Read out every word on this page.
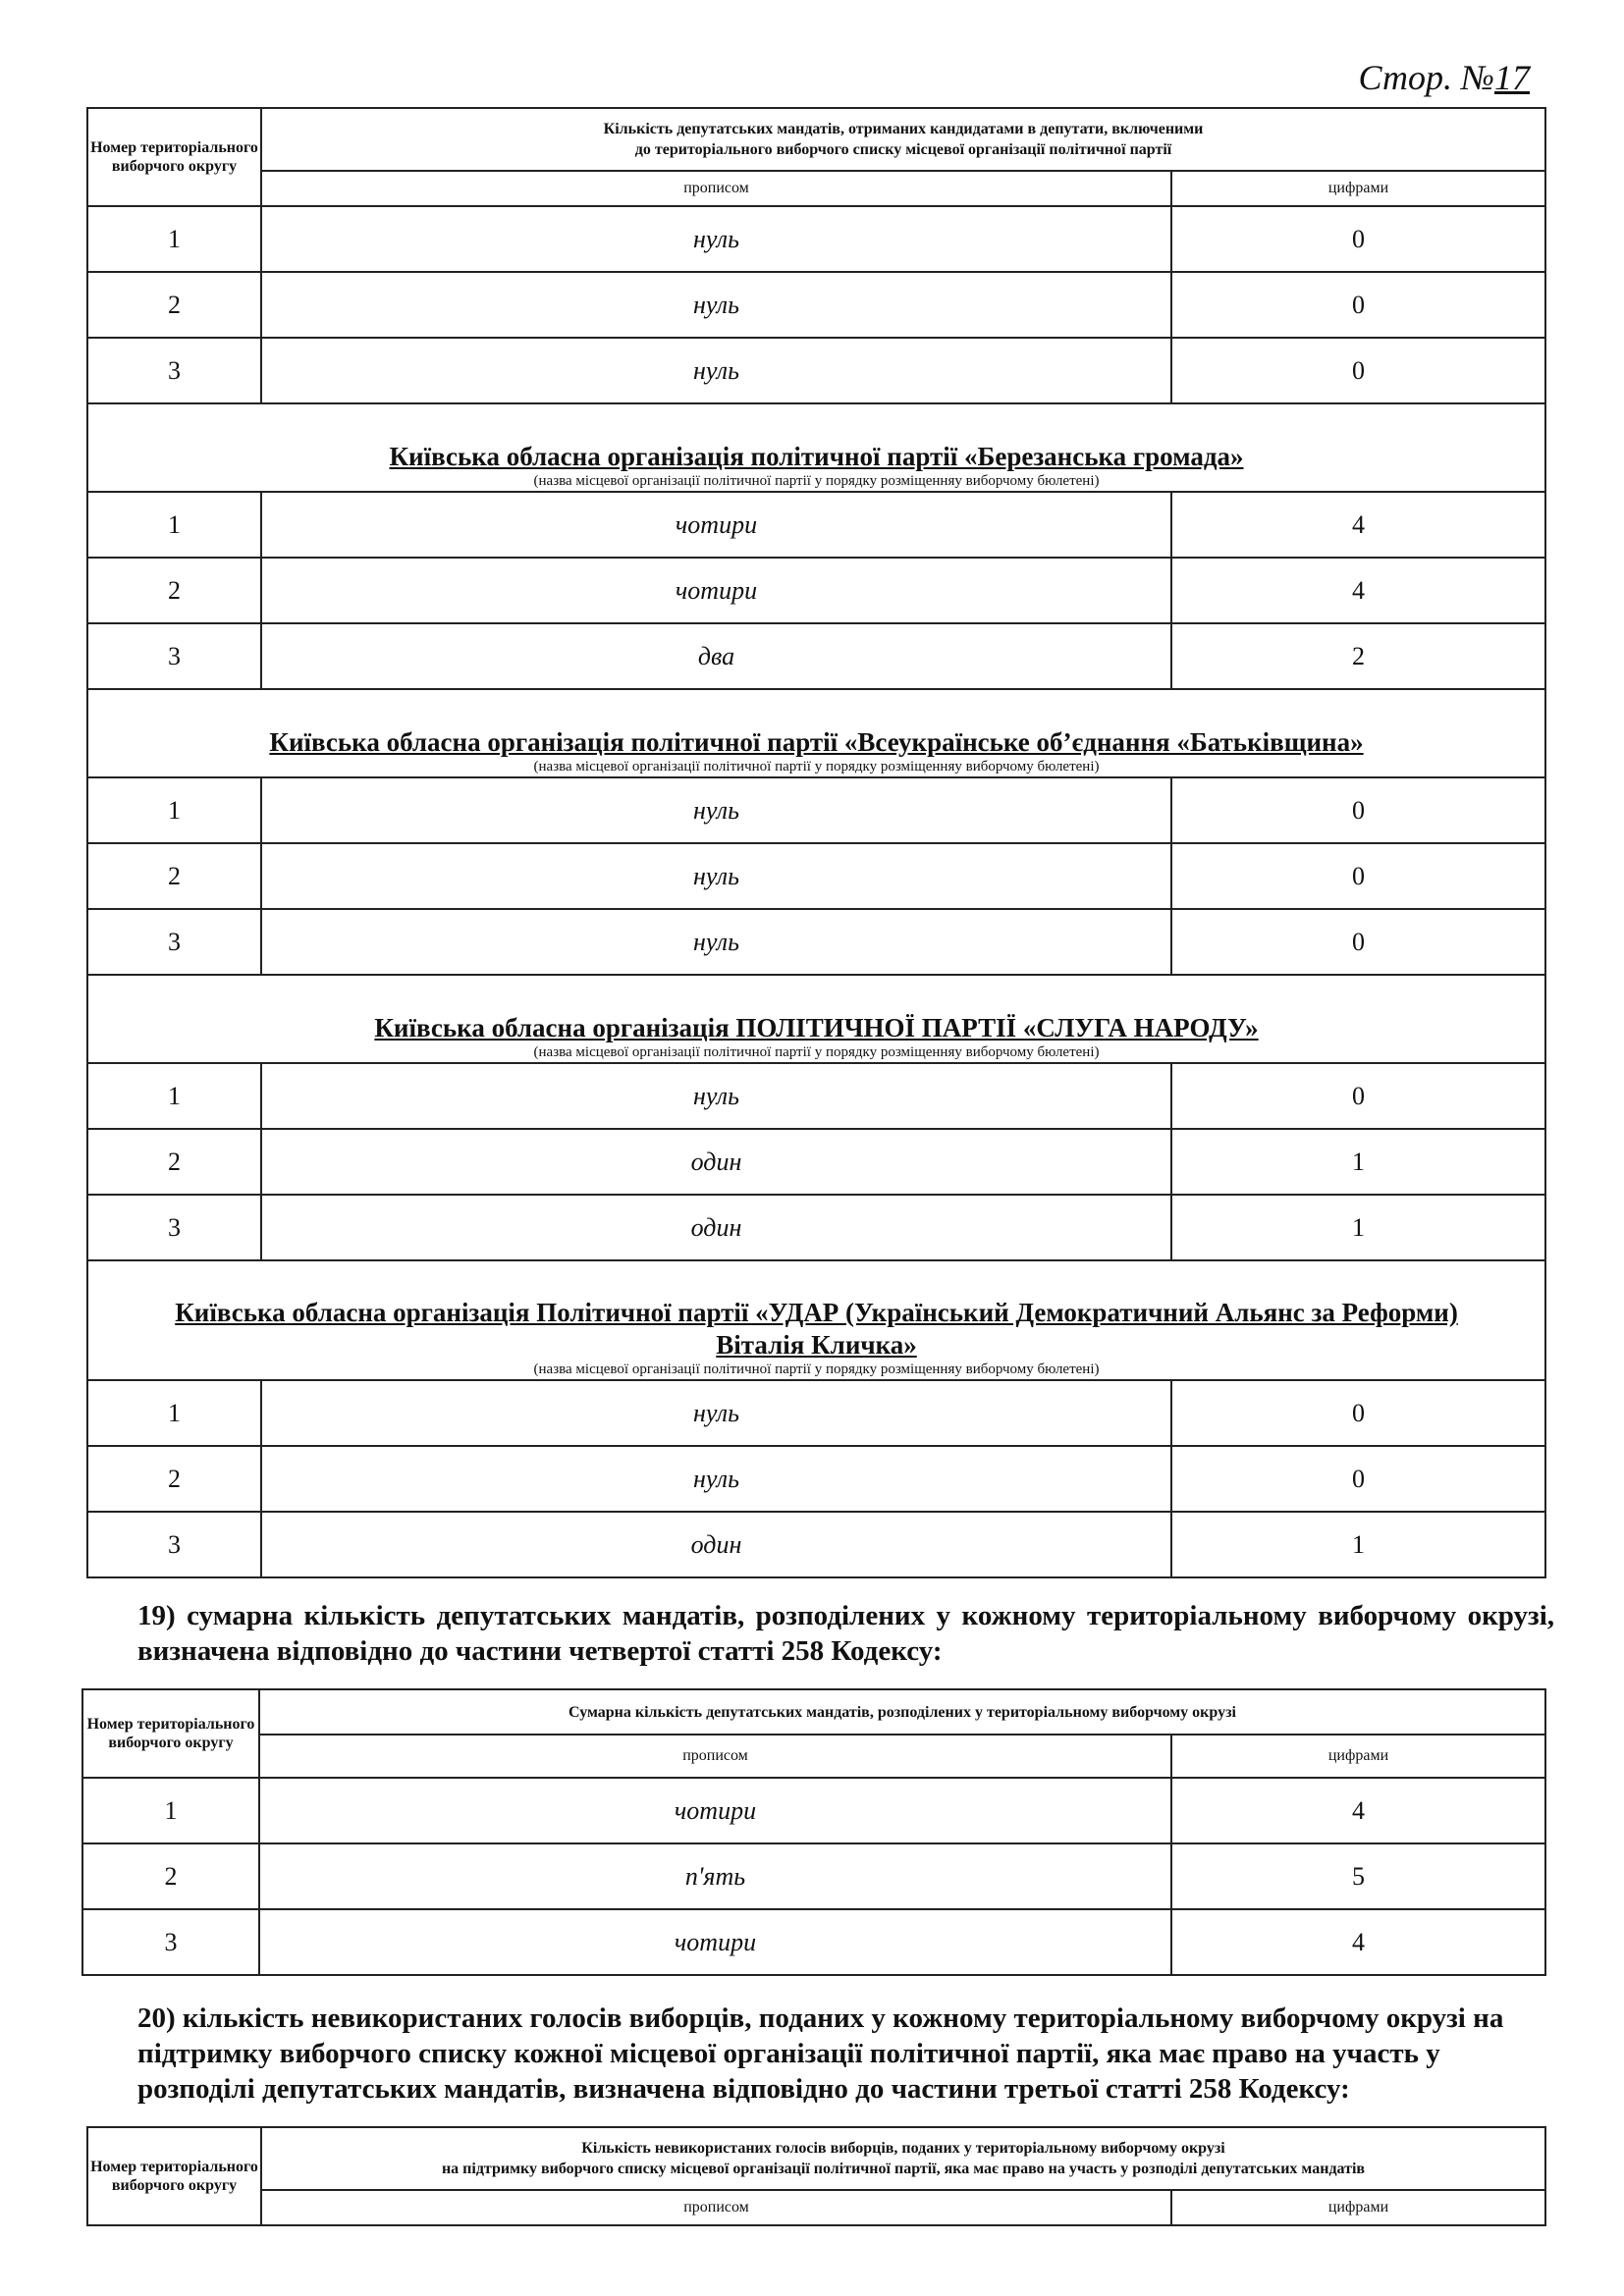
Стор. №17
Номер територіального виборчого округу	Кількість депутатських мандатів, отриманих кандидатами в депутати, включеними
до територіального виборчого списку місцевої організації політичної партії	

	прописом	цифрами
1	нуль	0
2	нуль	0
3	нуль	0

Київська обласна організація політичної партії «Березанська громада»
(назва місцевої організації політичної партії у порядку розміщенняу виборчому бюлетені)		

1	чотири	4
2	чотири	4
3	два	2

Київська обласна організація політичної партії «Всеукраїнське об’єднання «Батьківщина»
(назва місцевої організації політичної партії у порядку розміщенняу виборчому бюлетені)		

1	нуль	0
2	нуль	0
3	нуль	0

Київська обласна організація ПОЛІТИЧНОЇ ПАРТІЇ «СЛУГА НАРОДУ»
(назва місцевої організації політичної партії у порядку розміщенняу виборчому бюлетені)		

1	нуль	0
2	один	1
3	один	1

Київська обласна організація Політичної партії «УДАР (Український Демократичний Альянс за Реформи) Віталія Кличка»
(назва місцевої організації політичної партії у порядку розміщенняу виборчому бюлетені)		

1	нуль	0
2	нуль	0
3	один	1
19) сумарна кількість депутатських мандатів, розподілених у кожному територіальному виборчому окрузі, визначена відповідно до частини четвертої статті 258 Кодексу:
Номер територіального виборчого округу	Сумарна кількість депутатських мандатів, розподілених у територіальному виборчому окрузі	
	прописом	цифрами
1	чотири	4
2	п'ять	5
3	чотири	4
20) кількість невикористаних голосів виборців, поданих у кожному територіальному виборчому окрузі на підтримку виборчого списку кожної місцевої організації політичної партії, яка має право на участь у розподілі депутатських мандатів, визначена відповідно до частини третьої статті 258 Кодексу:
Номер територіального виборчого округу	Кількість невикористаних голосів виборців, поданих у територіальному виборчому окрузі
на підтримку виборчого списку місцевої організації політичної партії, яка має право на участь у розподілі депутатських мандатів	

	прописом	цифрами
